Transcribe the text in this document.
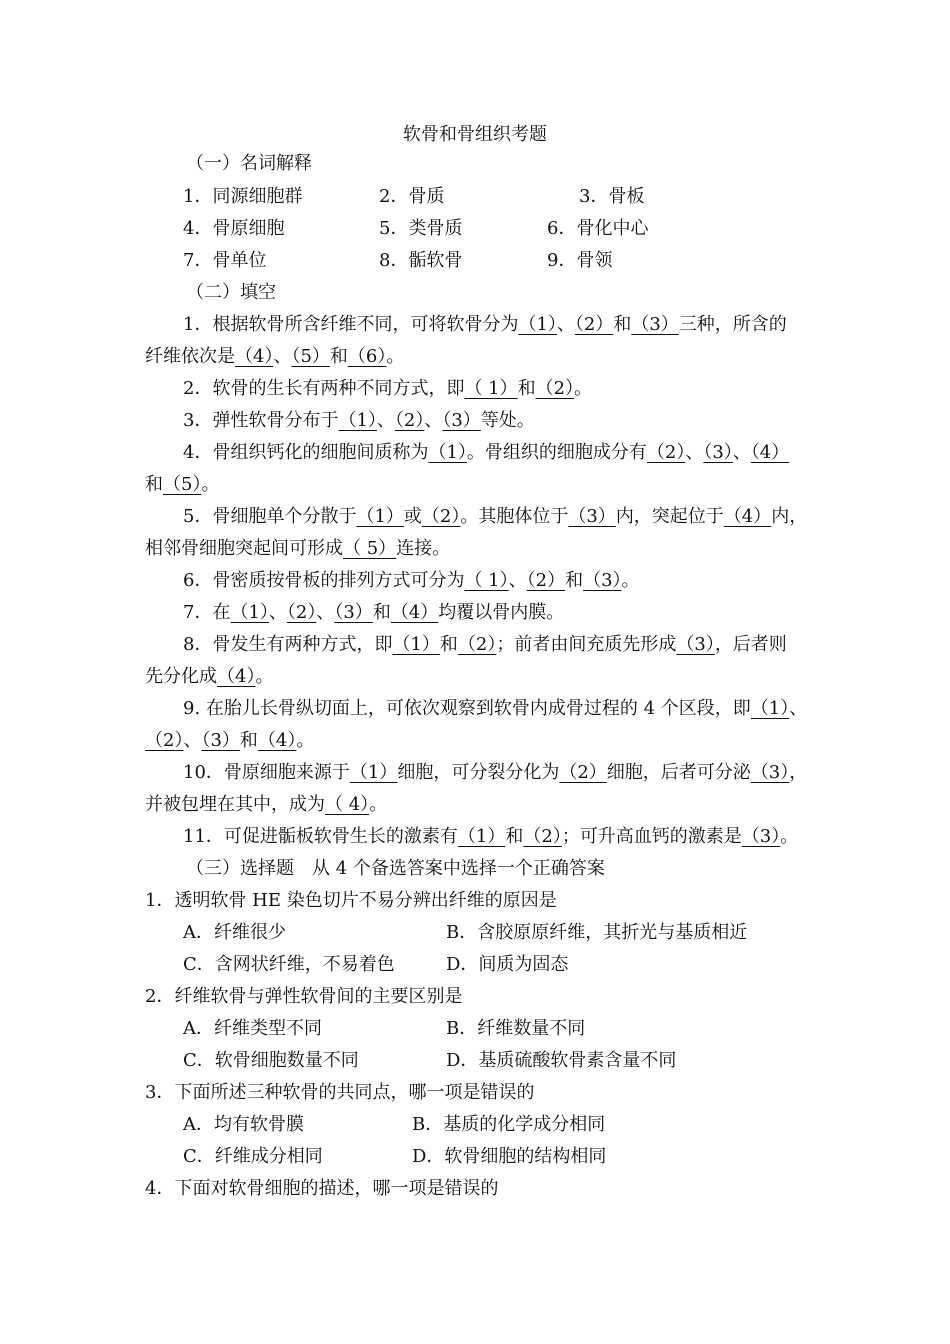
软骨和骨组织考题
（一）名词解释
1．同源细胞群	2．骨质	3．骨板
4．骨原细胞	5．类骨质	6．骨化中心
7．骨单位	8．骺软骨	9．骨领
（二）填空
1．根据软骨所含纤维不同，可将软骨分为（1）、（2）和（3）三种，所含的
纤维依次是（4）、（5）和（6）。
2．软骨的生长有两种不同方式，即（ 1）和（2）。
3．弹性软骨分布于（1）、（2）、（3）等处。
4．骨组织钙化的细胞间质称为（1）。骨组织的细胞成分有（2）、（3）、（4）
和（5）。
5．骨细胞单个分散于（1）或（2）。其胞体位于（3）内，突起位于（4）内，
相邻骨细胞突起间可形成（ 5）连接。
6．骨密质按骨板的排列方式可分为（ 1）、（2）和（3）。
7．在（1）、（2）、（3）和（4）均覆以骨内膜。
8．骨发生有两种方式，即（1）和（2）；前者由间充质先形成（3），后者则
先分化成（4）。
9. 在胎儿长骨纵切面上，可依次观察到软骨内成骨过程的 4 个区段，即（1）、
（2）、（3）和（4）。
10．骨原细胞来源于（1）细胞，可分裂分化为（2）细胞，后者可分泌（3），
并被包埋在其中，成为（ 4）。
11．可促进骺板软骨生长的激素有（1）和（2）；可升高血钙的激素是（3）。
（三）选择题　从 4 个备选答案中选择一个正确答案
1．透明软骨 HE 染色切片不易分辨出纤维的原因是
A．纤维很少	B．含胶原原纤维，其折光与基质相近
C．含网状纤维，不易着色	D．间质为固态
2．纤维软骨与弹性软骨间的主要区别是
A．纤维类型不同	B．纤维数量不同
C．软骨细胞数量不同	D．基质硫酸软骨素含量不同
3．下面所述三种软骨的共同点，哪一项是错误的
A．均有软骨膜	B．基质的化学成分相同
C．纤维成分相同	D．软骨细胞的结构相同
4．下面对软骨细胞的描述，哪一项是错误的
